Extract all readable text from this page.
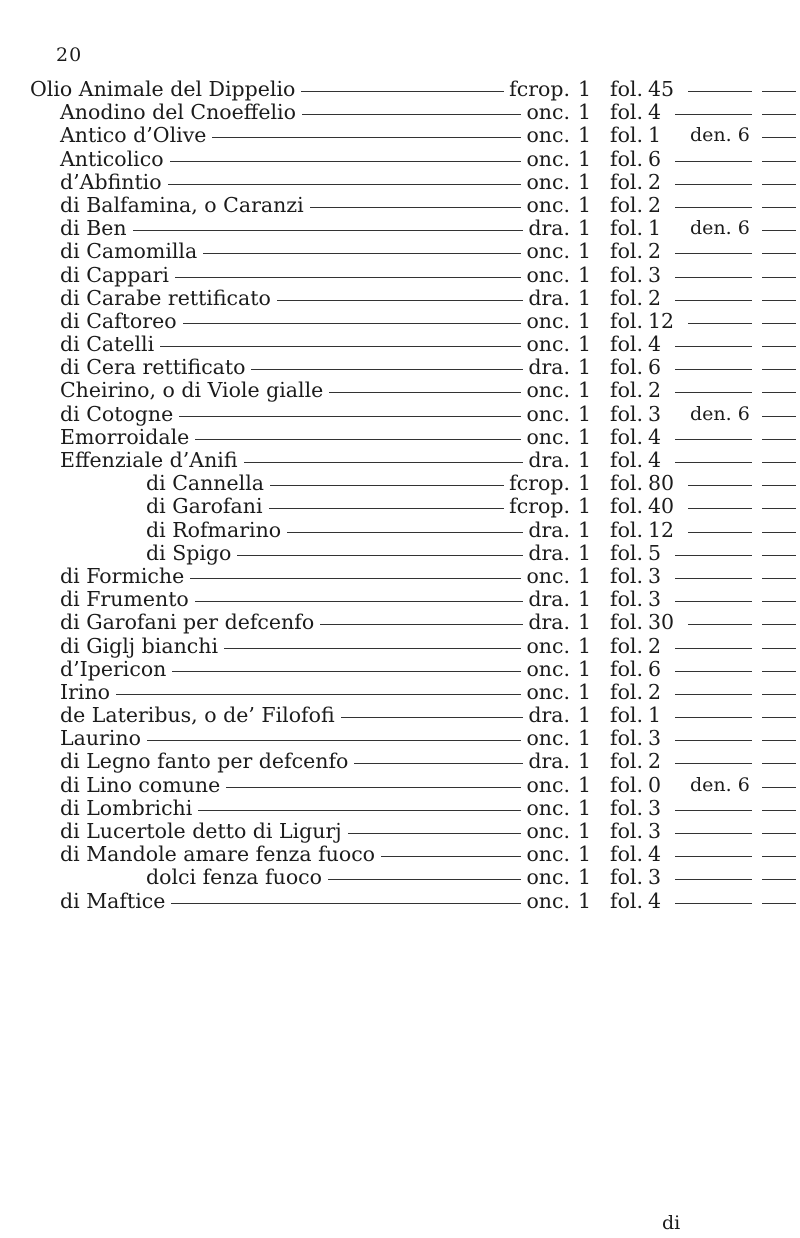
20
Olio Animale del Dippelio	fcrop. 1 fol. 45
Anodino del Cnoeffelio	onc. 1 fol. 4
Antico d’Olive	onc. 1 fol. 1 den. 6
Anticolico	onc. 1 fol. 6
d’Abfintio	onc. 1 fol. 2
di Balfamina, o Caranzi	onc. 1 fol. 2
di Ben	dra. 1 fol. 1 den. 6
di Camomilla	onc. 1 fol. 2
di Cappari	onc. 1 fol. 3
di Carabe rettificato	dra. 1 fol. 2
di Caftoreo	onc. 1 fol. 12
di Catelli	onc. 1 fol. 4
di Cera rettificato	dra. 1 fol. 6
Cheirino, o di Viole gialle	onc. 1 fol. 2
di Cotogne	onc. 1 fol. 3 den. 6
Emorroidale	onc. 1 fol. 4
Effenziale d’Anifi	dra. 1 fol. 4
di Cannella	fcrop. 1 fol. 80
di Garofani	fcrop. 1 fol. 40
di Rofmarino	dra. 1 fol. 12
di Spigo	dra. 1 fol. 5
di Formiche	onc. 1 fol. 3
di Frumento	dra. 1 fol. 3
di Garofani per defcenfo	dra. 1 fol. 30
di Giglj bianchi	onc. 1 fol. 2
d’Ipericon	onc. 1 fol. 6
Irino	onc. 1 fol. 2
de Lateribus, o de’ Filofofi	dra. 1 fol. 1
Laurino	onc. 1 fol. 3
di Legno fanto per defcenfo	dra. 1 fol. 2
di Lino comune	onc. 1 fol. 0 den. 6
di Lombrichi	onc. 1 fol. 3
di Lucertole detto di Ligurj	onc. 1 fol. 3
di Mandole amare fenza fuoco	onc. 1 fol. 4
dolci fenza fuoco	onc. 1 fol. 3
di Maftice	onc. 1 fol. 4
di
